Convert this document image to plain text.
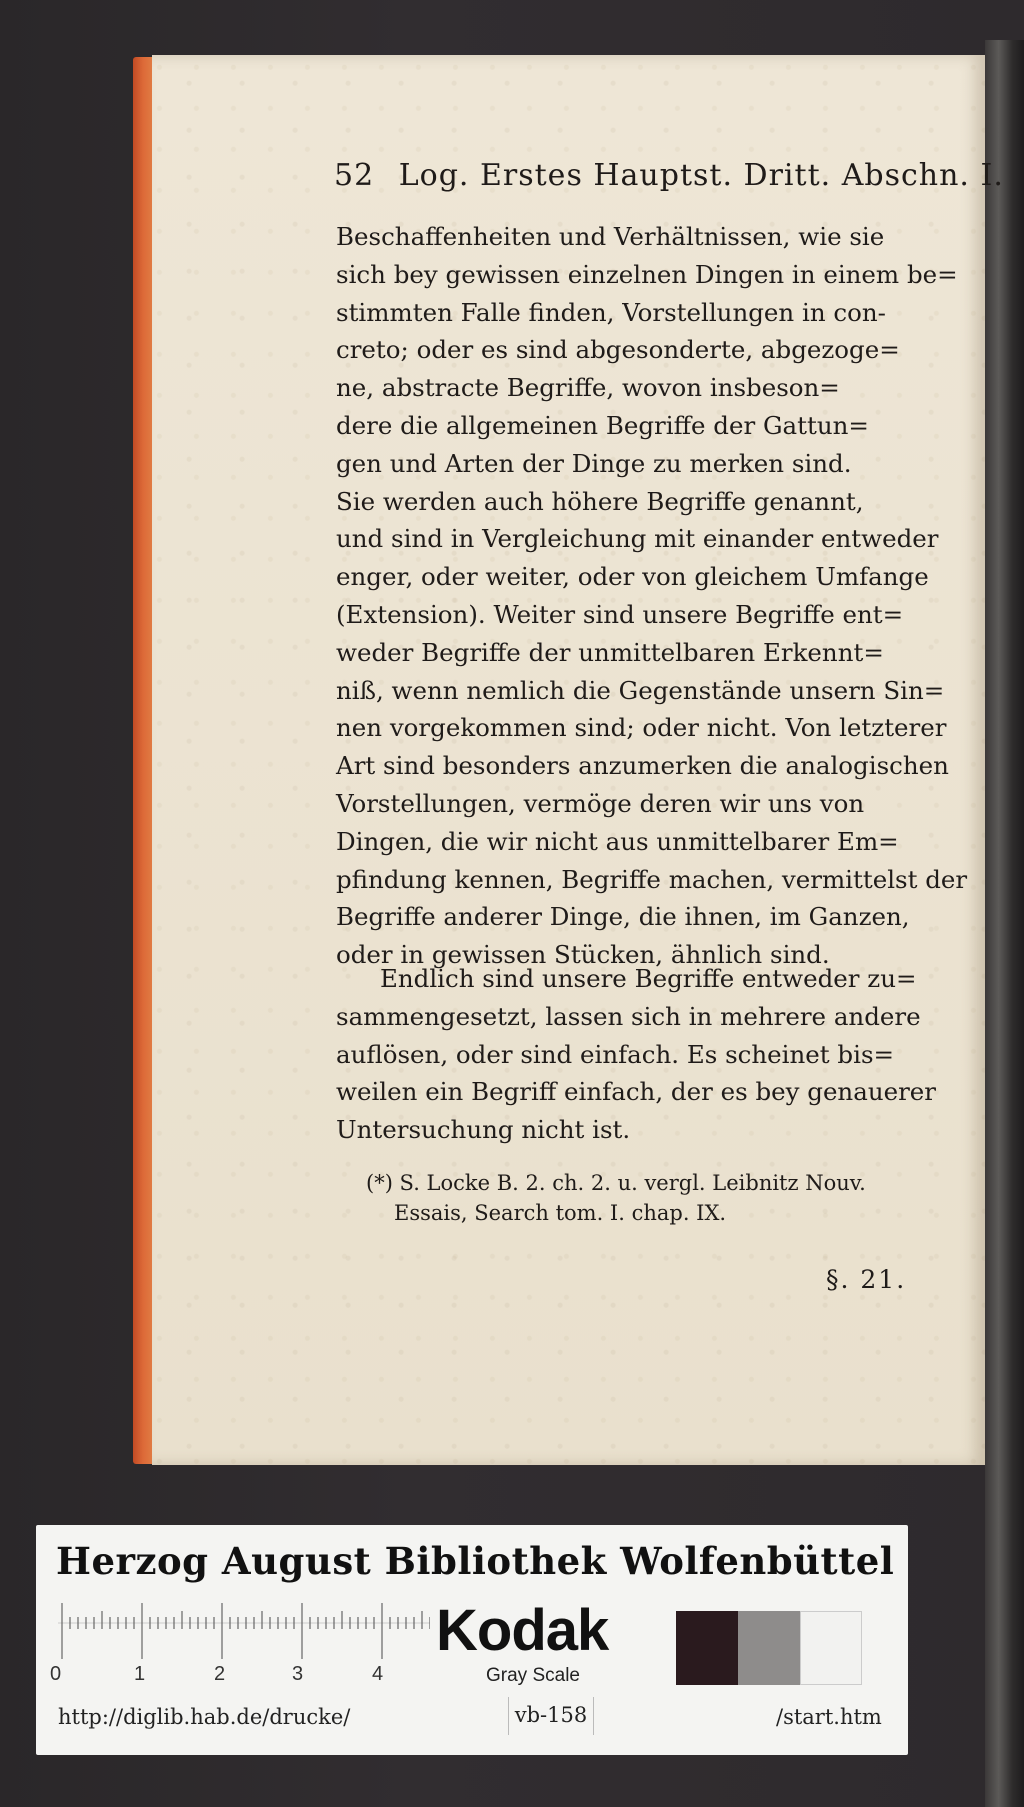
52 Log. Erstes Hauptst. Dritt. Abschn. I.
Beschaffenheiten und Verhältnissen, wie sie
sich bey gewissen einzelnen Dingen in einem be=
stimmten Falle finden, Vorstellungen in con-
creto; oder es sind abgesonderte, abgezoge=
ne, abstracte Begriffe, wovon insbeson=
dere die allgemeinen Begriffe der Gattun=
gen und Arten der Dinge zu merken sind.
Sie werden auch höhere Begriffe genannt,
und sind in Vergleichung mit einander entweder
enger, oder weiter, oder von gleichem Umfange
(Extension). Weiter sind unsere Begriffe ent=
weder Begriffe der unmittelbaren Erkennt=
niß, wenn nemlich die Gegenstände unsern Sin=
nen vorgekommen sind; oder nicht. Von letzterer
Art sind besonders anzumerken die analogischen
Vorstellungen, vermöge deren wir uns von
Dingen, die wir nicht aus unmittelbarer Em=
pfindung kennen, Begriffe machen, vermittelst der
Begriffe anderer Dinge, die ihnen, im Ganzen,
oder in gewissen Stücken, ähnlich sind.
Endlich sind unsere Begriffe entweder zu=
sammengesetzt, lassen sich in mehrere andere
auflösen, oder sind einfach. Es scheinet bis=
weilen ein Begriff einfach, der es bey genauerer
Untersuchung nicht ist.
(*) S. Locke B. 2. ch. 2. u. vergl. Leibnitz Nouv.
Essais, Search tom. I. chap. IX.
§. 21.
Herzog August Bibliothek Wolfenbüttel
0	1	2	3	4
Kodak
Gray Scale
http://diglib.hab.de/drucke/	vb-158	/start.htm
